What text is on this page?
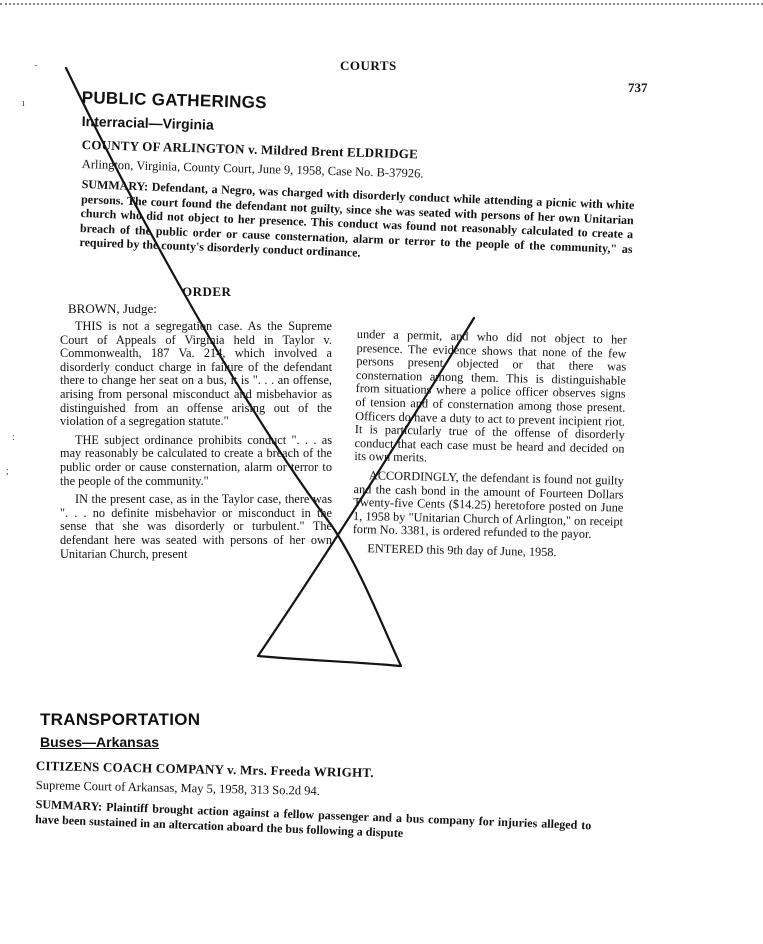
COURTS
737
˜
ı
:
;
PUBLIC GATHERINGS
Interracial—Virginia
COUNTY OF ARLINGTON v. Mildred Brent ELDRIDGE
Arlington, Virginia, County Court, June 9, 1958, Case No. B-37926.
SUMMARY: Defendant, a Negro, was charged with disorderly conduct while attending a picnic with white persons. The court found the defendant not guilty, since she was seated with persons of her own Unitarian church who did not object to her presence. This conduct was found not reasonably calculated to create a breach of the public order or cause consternation, alarm or terror to the people of the community," as required by the county's disorderly conduct ordinance.
ORDER
BROWN, Judge:

THIS is not a segregation case. As the Supreme Court of Appeals of Virginia held in Taylor v. Commonwealth, 187 Va. 214, which involved a disorderly conduct charge in failure of the defendant there to change her seat on a bus, it is ". . . an offense, arising from personal misconduct and misbehavior as distinguished from an offense arising out of the violation of a segregation statute."

THE subject ordinance prohibits conduct ". . . as may reasonably be calculated to create a breach of the public order or cause consternation, alarm or terror to the people of the community."

IN the present case, as in the Taylor case, there was ". . . no definite misbehavior or misconduct in the sense that she was disorderly or turbulent." The defendant here was seated with persons of her own Unitarian Church, present

under a permit, and who did not object to her presence. The evidence shows that none of the few persons present objected or that there was consternation among them. This is distinguishable from situations where a police officer observes signs of tension and of consternation among those present. Officers do have a duty to act to prevent incipient riot. It is particularly true of the offense of disorderly conduct that each case must be heard and decided on its own merits.

ACCORDINGLY, the defendant is found not guilty and the cash bond in the amount of Fourteen Dollars Twenty-five Cents ($14.25) heretofore posted on June 1, 1958 by "Unitarian Church of Arlington," on receipt form No. 3381, is ordered refunded to the payor.

ENTERED this 9th day of June, 1958.

TRANSPORTATION
Buses—Arkansas
CITIZENS COACH COMPANY v. Mrs. Freeda WRIGHT.
Supreme Court of Arkansas, May 5, 1958, 313 So.2d 94.
SUMMARY: Plaintiff brought action against a fellow passenger and a bus company for injuries alleged to have been sustained in an altercation aboard the bus following a dispute
